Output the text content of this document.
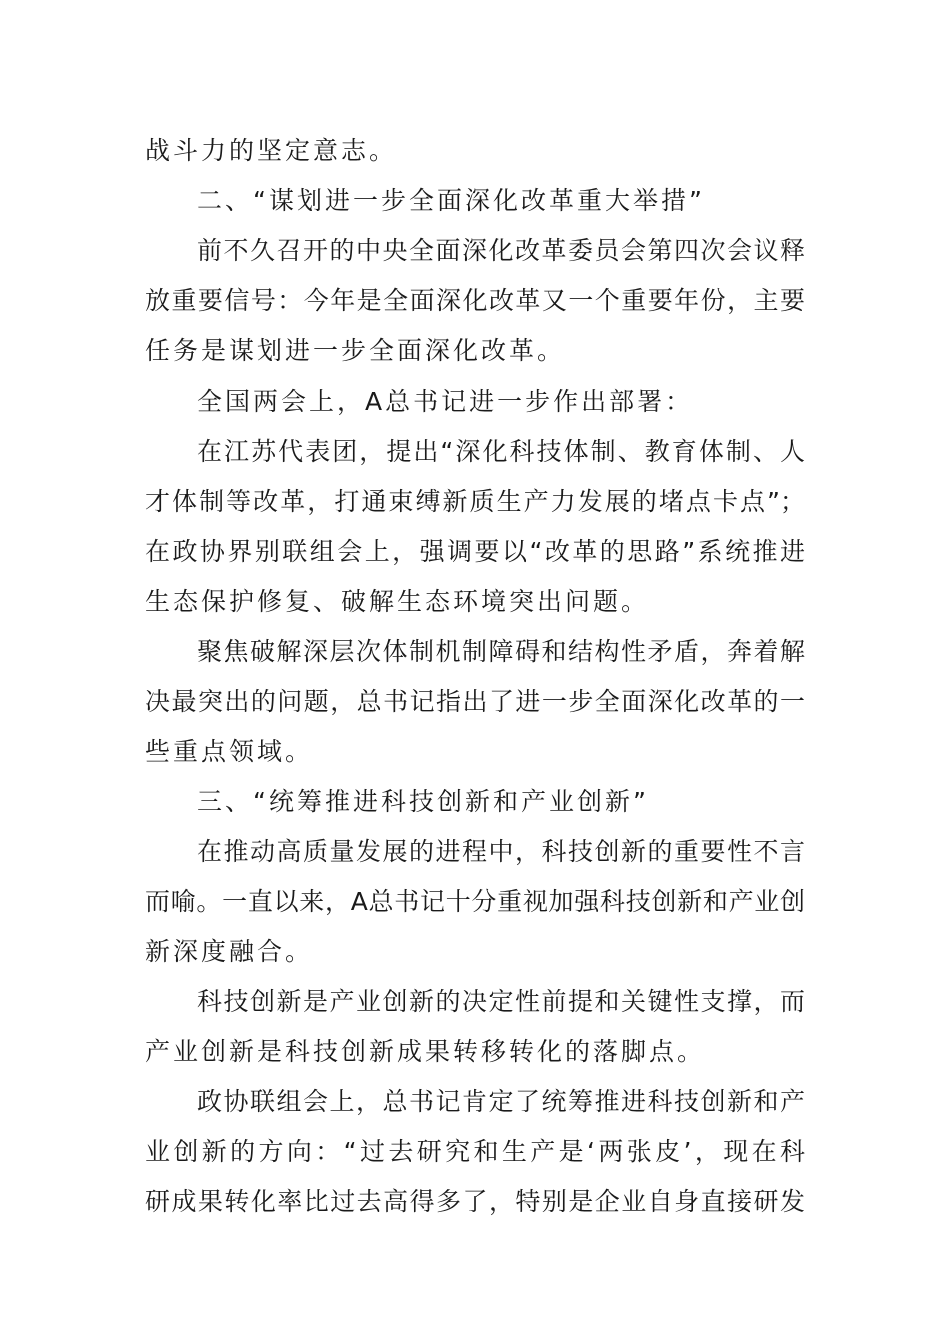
战斗力的坚定意志。
二、“谋划进一步全面深化改革重大举措”
前不久召开的中央全面深化改革委员会第四次会议释
放重要信号：今年是全面深化改革又一个重要年份，主要
任务是谋划进一步全面深化改革。
全国两会上，A总书记进一步作出部署：
在江苏代表团，提出“深化科技体制、教育体制、人
才体制等改革，打通束缚新质生产力发展的堵点卡点”；
在政协界别联组会上，强调要以“改革的思路”系统推进
生态保护修复、破解生态环境突出问题。
聚焦破解深层次体制机制障碍和结构性矛盾，奔着解
决最突出的问题，总书记指出了进一步全面深化改革的一
些重点领域。
三、“统筹推进科技创新和产业创新”
在推动高质量发展的进程中，科技创新的重要性不言
而喻。一直以来，A总书记十分重视加强科技创新和产业创
新深度融合。
科技创新是产业创新的决定性前提和关键性支撑，而
产业创新是科技创新成果转移转化的落脚点。
政协联组会上，总书记肯定了统筹推进科技创新和产
业创新的方向：“过去研究和生产是‘两张皮’，现在科
研成果转化率比过去高得多了，特别是企业自身直接研发
